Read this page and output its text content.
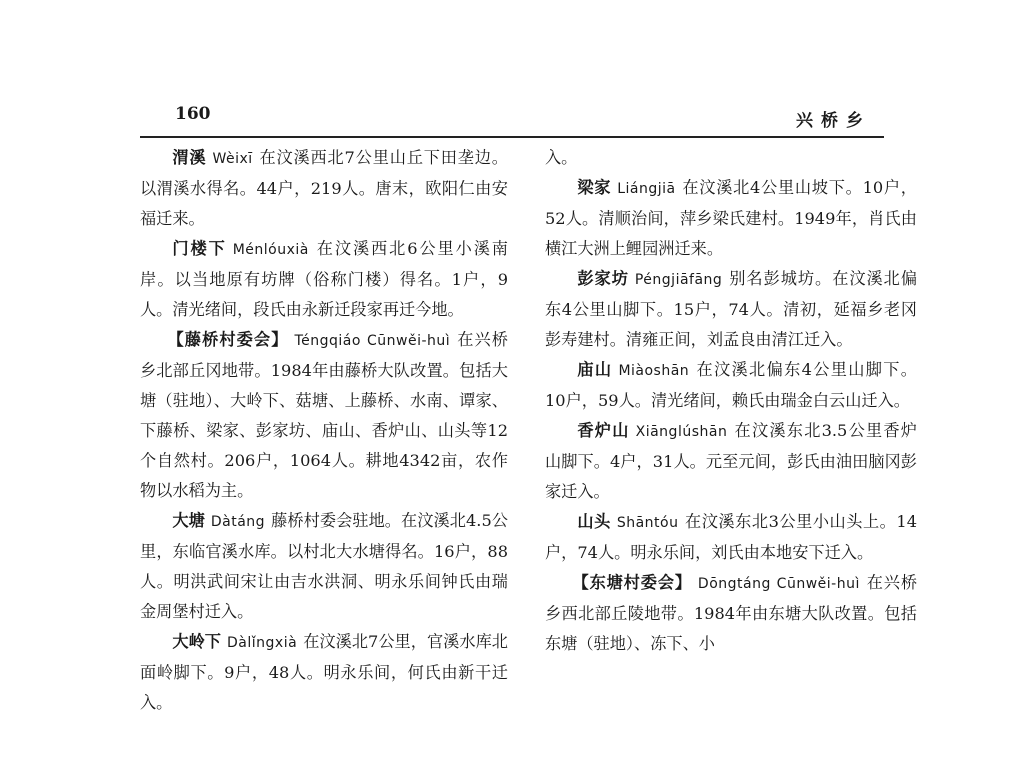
160	兴桥乡

渭溪 Wèixī 在汶溪西北7公里山丘下田垄边。以渭溪水得名。44户，219人。唐末，欧阳仁由安福迁来。

门楼下 Ménlóuxià 在汶溪西北6公里小溪南岸。以当地原有坊牌（俗称门楼）得名。1户，9人。清光绪间，段氏由永新迁段家再迁今地。

【藤桥村委会】 Téngqiáo Cūnwěi-huì 在兴桥乡北部丘冈地带。1984年由藤桥大队改置。包括大塘（驻地）、大岭下、菇塘、上藤桥、水南、谭家、下藤桥、梁家、彭家坊、庙山、香炉山、山头等12个自然村。206户，1064人。耕地4342亩，农作物以水稻为主。

大塘 Dàtáng 藤桥村委会驻地。在汶溪北4.5公里，东临官溪水库。以村北大水塘得名。16户，88人。明洪武间宋让由吉水洪洞、明永乐间钟氏由瑞金周堡村迁入。

大岭下 Dàlǐngxià 在汶溪北7公里，官溪水库北面岭脚下。9户，48人。明永乐间，何氏由新干迁入。

入。

梁家 Liángjiā 在汶溪北4公里山坡下。10户，52人。清顺治间，萍乡梁氏建村。1949年，肖氏由横江大洲上鲤园洲迁来。

彭家坊 Péngjiāfāng 别名彭城坊。在汶溪北偏东4公里山脚下。15户，74人。清初，延福乡老冈彭寿建村。清雍正间，刘孟良由清江迁入。

庙山 Miàoshān 在汶溪北偏东4公里山脚下。10户，59人。清光绪间，赖氏由瑞金白云山迁入。

香炉山 Xiānglúshān 在汶溪东北3.5公里香炉山脚下。4户，31人。元至元间，彭氏由油田脑冈彭家迁入。

山头 Shāntóu 在汶溪东北3公里小山头上。14户，74人。明永乐间，刘氏由本地安下迁入。

【东塘村委会】 Dōngtáng Cūnwěi-huì 在兴桥乡西北部丘陵地带。1984年由东塘大队改置。包括东塘（驻地）、冻下、小
